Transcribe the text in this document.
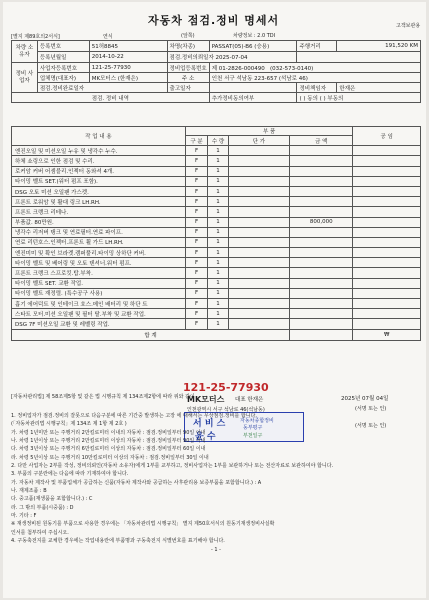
고객보관용
자동차 점검.정비 명세서
[별지 제89호의2서식]	(앞쪽)	차량정보 : 2.0 TDI
연식
차량 소유자	등록번호	51허8845	차명(차종)	PASSAT(05)-B6 (승용)	주행거리	191,520 KM
	등록년월일	2014-10-22	점검.정비의뢰일자 2025-07-04			
정비 사업자	사업자등록번호	121-25-77930	정비업등록번호	제 01-2826-000490 (032-573-0140)		
	업체명(대표자)	MK모터스 (한재은)	주 소	인천 서구 석남동 223-657 (석남로 46)		
	점검.정비완료일자		출고일자		정비책임자	한재은
점검. 정비 내역				추가정비동의여부	( ) 동의 ( ) 부동의	
작 업 내 용	부 품				공 임
	구 분	수 량	단 가	금 액	
엔진오일 및 미션오일 누유 및 냉각수 누수.	F	1			
하체 쇼링으로 인한 점검 및 수리.	F	1			
로커암 커버 어셈블리.인젝터 동와셔 4개.	F	1			
타이밍 벨트 SET.(워터 펌프 포함).	F	1			
DSG 오토 미션 오일팬 가스켓.	F	1			
프론트 로워암 및 활대 링크 LH.RH.	F	1			
프론트 크랭크 리테나.	F	1			
부품값. 80만원.	F	1		800,000	
냉각수 리저버 탱크 및 연료필터.연료 파이프.	F	1			
연료 리턴호스.인젝터.프론트 휠 가드 LH.RH.	F	1			
엔진미미 및 확인 브라켓.캠퍼풀리.타이밍 상하단 커버.	F	1			
타이밍 벨트 및 베어링 및 오토 텐셔너.워터 펌프.	F	1			
프론트 크랭크 스프로킷.탑.부착.	F	1			
타이밍 벨트 SET. 교환 작업.	F	1			
타이밍 벨트 재정렬. (특수공구 사용)	F	1			
흡기 에어덕트 및 인테이크 호스.메인 배터리 및 하단 트	F	1			
스타트 모터.미션 오일팬 및 필터 탈.부착 및 교환 작업.	F	1			
DSG 7F 미션오일 교환 및 레벨링 작업.	F	1			
합 계					₩
[자동차관리법] 제 58조제5항 및 같은 법 시행규칙 제 134조제2항에 따라 위와 같이
121-25-77930
MK모터스 대표 한재은
인천광역시 서구 석남로 46(석남동)
2025년 07월 04일
(서명 또는 인)
(서명 또는 인)
서 비 스	자동차종합정비
동부평구
윤 수	부천일구
1. 정비업자가 점검.정비의 잘못으로 다음구분에 따른 기간중 발생하는 고장 에 대해서는 무상점검.정비를 합니다.
(「자동차관리법 시행규칙」제 134조 제 1항 제 2호 )
가. 차령 1년미만 또는 주행거리 2만킬로미터 이내의 자동차 : 점검.정비일부터 90일 이내
나. 차령 1년이상 또는 주행거리 2만킬로미터 이상의 자동차 : 점검.정비일부터 90일 이내
다. 차령 3년이상 또는 주행거리 6만킬로미터 이상의 자동차 : 점검.정비일부터 60일 이내
라. 차령 5년이상 또는 주행거리 10만킬로미터 이상의 자동차 : 점검.정비일부터 30일 이내
2. 다만 사업자는 2부를 작성, 정비의뢰인(자동차 소유자)에게 1부를 교부하고, 정비사업자는 1부를 보관하거나 또는 전산자료로 보관하여야 합니다.
3. 부품의 구분란에는 다음에 따라 기재하여야 합니다.
가. 자동차 제작사 및 부품업체가 공급하는 신품(자동차 제작사와 공급하는 사후관리용 보증부품을 포함합니다.) : A
나. 재제조품 : B
다. 중고품(재생품을 포함합니다.) : C
라. 그 밖의 부품(시중품) : D
마. 기타 : F
※ 재생정비된 원동기를 부품으로 사용한 경우에는 「자동차관리법 시행규칙」 별지 제50호서식의 원동기재생정비사실확
인서를 첨부하여 주십시오.
4. 구동축전지를 교체한 경우에는 작업내용란에 부품명과 구동축전지 식별번호를 표기해야 합니다.
- 1 -
